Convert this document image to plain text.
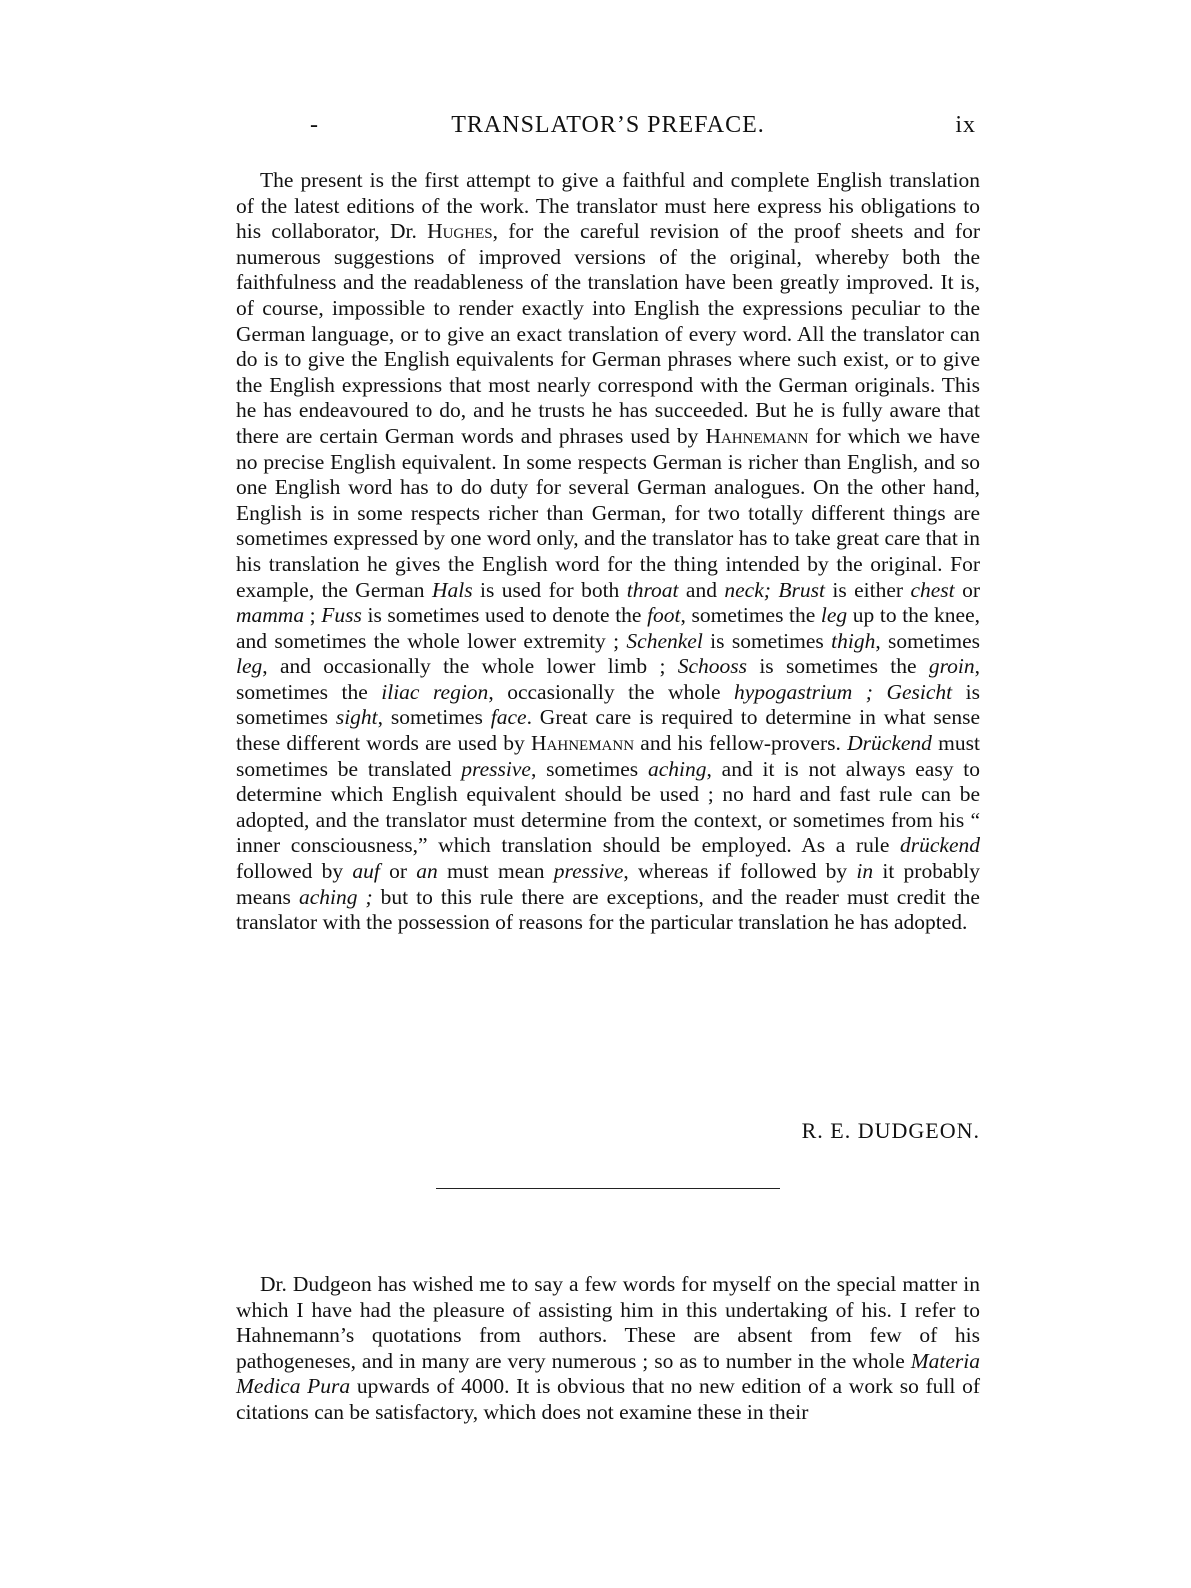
-	TRANSLATOR’S PREFACE.	ix

The present is the first attempt to give a faithful and complete English translation of the latest editions of the work. The translator must here express his obligations to his collaborator, Dr. Hughes, for the careful revision of the proof sheets and for numerous suggestions of improved versions of the original, whereby both the faithfulness and the readableness of the translation have been greatly improved. It is, of course, impossible to render exactly into English the expressions peculiar to the German language, or to give an exact translation of every word. All the translator can do is to give the English equivalents for German phrases where such exist, or to give the English expressions that most nearly correspond with the German originals. This he has endeavoured to do, and he trusts he has succeeded. But he is fully aware that there are certain German words and phrases used by Hahnemann for which we have no precise English equivalent. In some respects German is richer than English, and so one English word has to do duty for several German analogues. On the other hand, English is in some respects richer than German, for two totally different things are sometimes expressed by one word only, and the translator has to take great care that in his translation he gives the English word for the thing intended by the original. For example, the German Hals is used for both throat and neck; Brust is either chest or mamma ; Fuss is sometimes used to denote the foot, sometimes the leg up to the knee, and sometimes the whole lower extremity ; Schenkel is sometimes thigh, sometimes leg, and occasionally the whole lower limb ; Schooss is sometimes the groin, sometimes the iliac region, occasionally the whole hypogastrium ; Gesicht is sometimes sight, sometimes face. Great care is required to determine in what sense these different words are used by Hahnemann and his fellow-provers. Drückend must sometimes be translated pressive, sometimes aching, and it is not always easy to determine which English equivalent should be used ; no hard and fast rule can be adopted, and the translator must determine from the context, or sometimes from his “ inner consciousness,” which translation should be employed. As a rule drückend followed by auf or an must mean pressive, whereas if followed by in it probably means aching ; but to this rule there are exceptions, and the reader must credit the translator with the possession of reasons for the particular translation he has adopted.

R. E. DUDGEON.

Dr. Dudgeon has wished me to say a few words for myself on the special matter in which I have had the pleasure of assisting him in this undertaking of his. I refer to Hahnemann’s quotations from authors. These are absent from few of his pathogeneses, and in many are very numerous ; so as to number in the whole Materia Medica Pura upwards of 4000. It is obvious that no new edition of a work so full of citations can be satisfactory, which does not examine these in their
